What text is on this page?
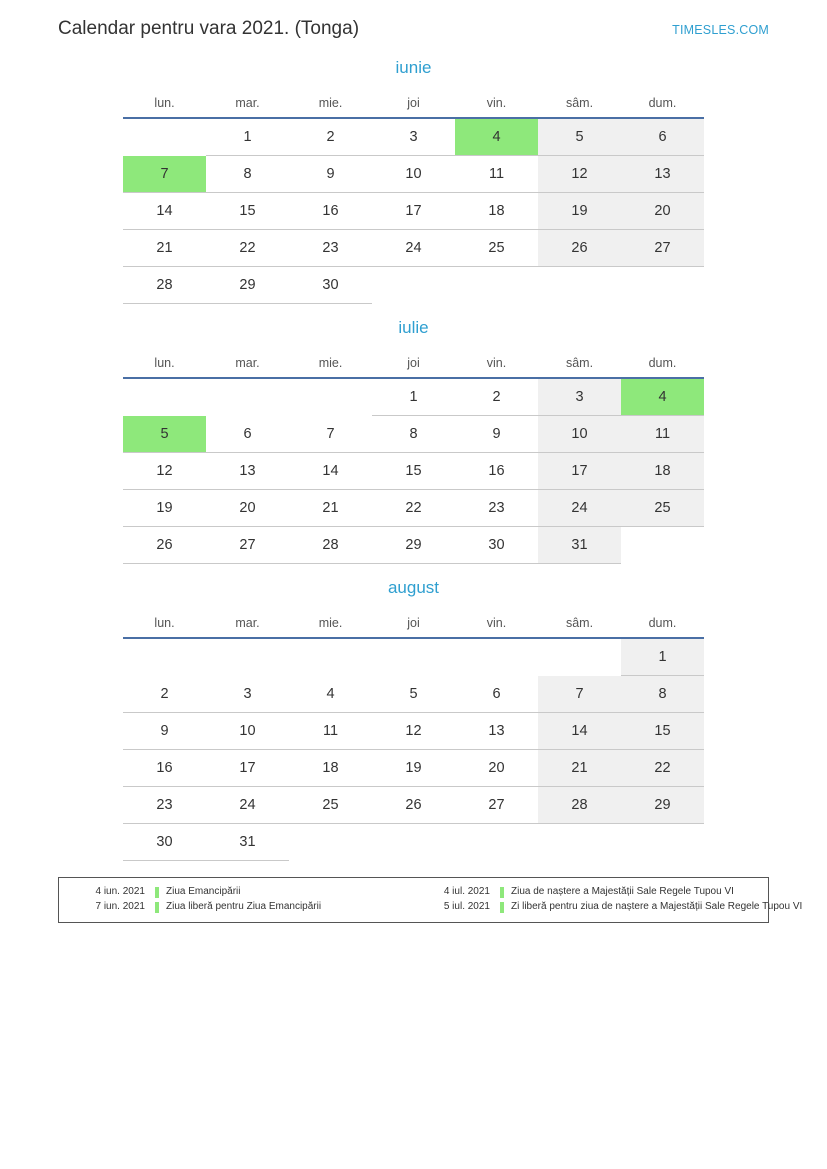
Calendar pentru vara 2021. (Tonga)	TIMESLES.COM
iunie
lun.	mar.	mie.	joi	vin.	sâm.	dum.
	1	2	3	4	5	6
7	8	9	10	11	12	13
14	15	16	17	18	19	20
21	22	23	24	25	26	27
28	29	30				
iulie
lun.	mar.	mie.	joi	vin.	sâm.	dum.
			1	2	3	4
5	6	7	8	9	10	11
12	13	14	15	16	17	18
19	20	21	22	23	24	25
26	27	28	29	30	31	
august
lun.	mar.	mie.	joi	vin.	sâm.	dum.
						1
2	3	4	5	6	7	8
9	10	11	12	13	14	15
16	17	18	19	20	21	22
23	24	25	26	27	28	29
30	31					
4 iun. 2021	Ziua Emancipării	4 iul. 2021	Ziua de naștere a Majestății Sale Regele Tupou VI
7 iun. 2021	Ziua liberă pentru Ziua Emancipării	5 iul. 2021	Zi liberă pentru ziua de naștere a Majestății Sale Regele Tupou VI
